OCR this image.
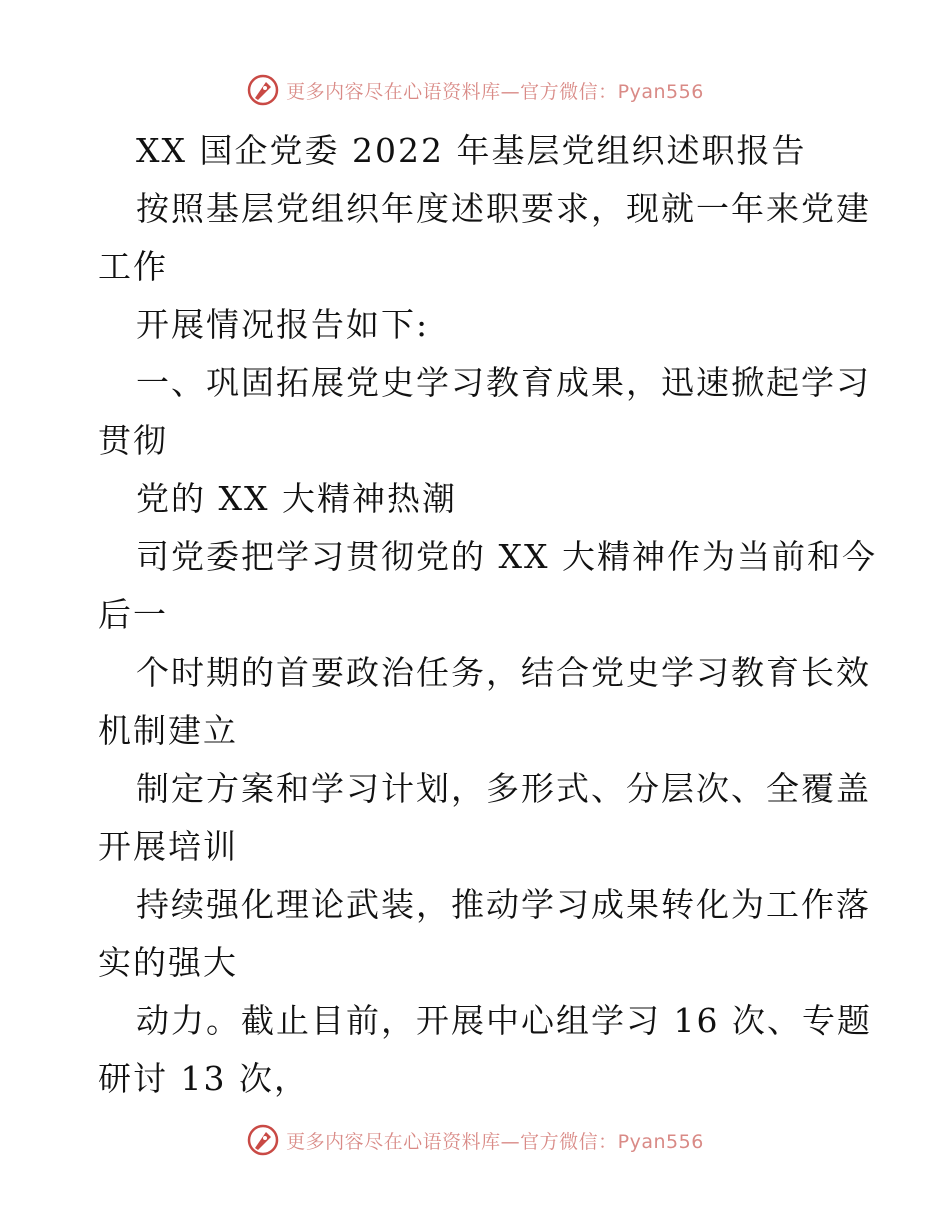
更多内容尽在心语资料库—官方微信：Pyan556
XX 国企党委 2022 年基层党组织述职报告
按照基层党组织年度述职要求，现就一年来党建
工作
开展情况报告如下:
一、巩固拓展党史学习教育成果，迅速掀起学习
贯彻
党的 XX 大精神热潮
司党委把学习贯彻党的 XX 大精神作为当前和今
后一
个时期的首要政治任务，结合党史学习教育长效
机制建立
制定方案和学习计划，多形式、分层次、全覆盖
开展培训
持续强化理论武装，推动学习成果转化为工作落
实的强大
动力。截止目前，开展中心组学习 16 次、专题
研讨 13 次，
更多内容尽在心语资料库—官方微信：Pyan556
